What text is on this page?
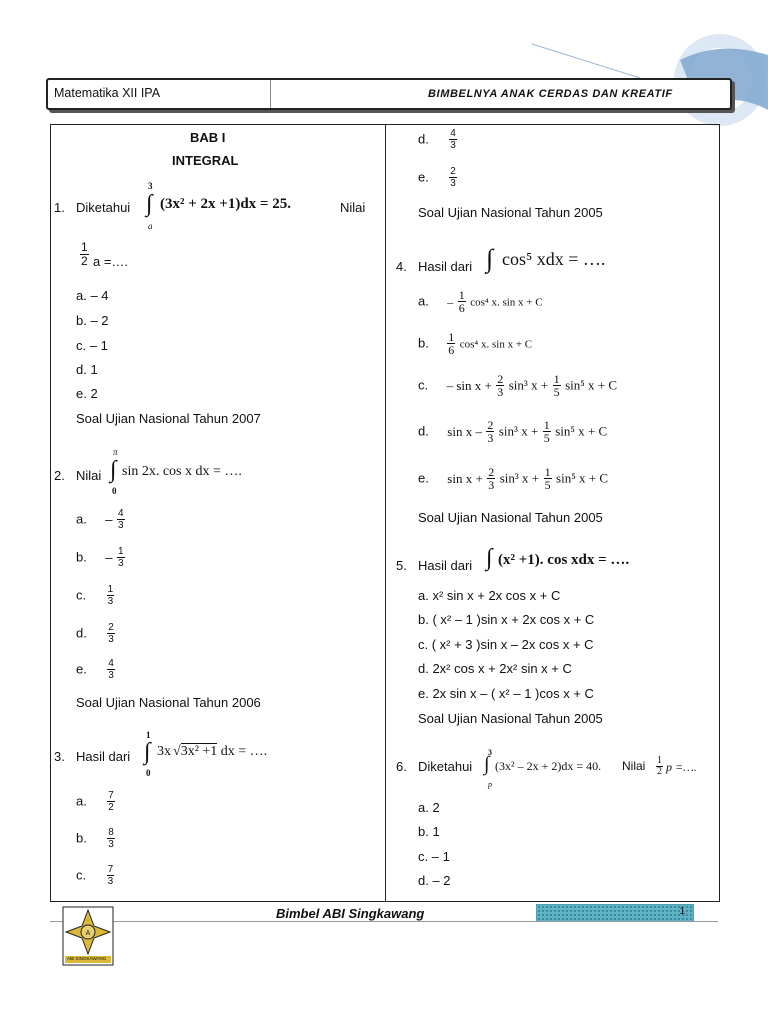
Matematika XII IPA	BIMBELNYA ANAK CERDAS DAN KREATIF
BAB I
INTEGRAL
1. Diketahui ∫
3
a
(3x² + 2x +1)dx = 25.	Nilai
$\frac{1}{2}$ a =….
a. – 4
b. – 2
c. – 1
d. 1
e. 2
Soal Ujian Nasional Tahun 2007
2. Nilai ∫
π
0
sin 2x. cos x dx = ….
a. – $\frac{4}{3}$
b. – $\frac{1}{3}$
c. $\frac{1}{3}$
d. $\frac{2}{3}$
e. $\frac{4}{3}$
Soal Ujian Nasional Tahun 2006
3. Hasil dari ∫
1
0
3x √3x² +1 dx = ….
a. $\frac{7}{2}$
b. $\frac{8}{3}$
c. $\frac{7}{3}$
d. $\frac{4}{3}$
e. $\frac{2}{3}$
Soal Ujian Nasional Tahun 2005
4. Hasil dari ∫ cos⁵ xdx = ….
a. – $\frac{1}{6} \cos^4$ x. sin x + C
b. $\frac{1}{6} \cos^4$ x. sin x + C
c. – $\sin x + \frac{2}{3} \sin^3$ $x + \frac{1}{5} \sin^5$ x + C
d. sin x – $\frac{2}{3} \sin^3$ $x + \frac{1}{5} \sin^5$ x + C
e. $\sin x + \frac{2}{3} \sin^3$ $x + \frac{1}{5} \sin^5$ x + C
Soal Ujian Nasional Tahun 2005
5. Hasil dari ∫ (x² +1). cos xdx = ….
a. x² sin x + 2x cos x + C
b. ( x² – 1 )sin x + 2x cos x + C
c. ( x² + 3 )sin x – 2x cos x + C
d. 2x² cos x + 2x² sin x + C
e. 2x sin x – ( x² – 1 )cos x + C
Soal Ujian Nasional Tahun 2005
6. Diketahui ∫
3
p
(3x² – 2x + 2)dx = 40. Nilai $\frac{1}{2}$ p =….
a. 2
b. 1
c. – 1
d. – 2
Bimbel ABI Singkawang	1
A
ABI SINGKAWANG
